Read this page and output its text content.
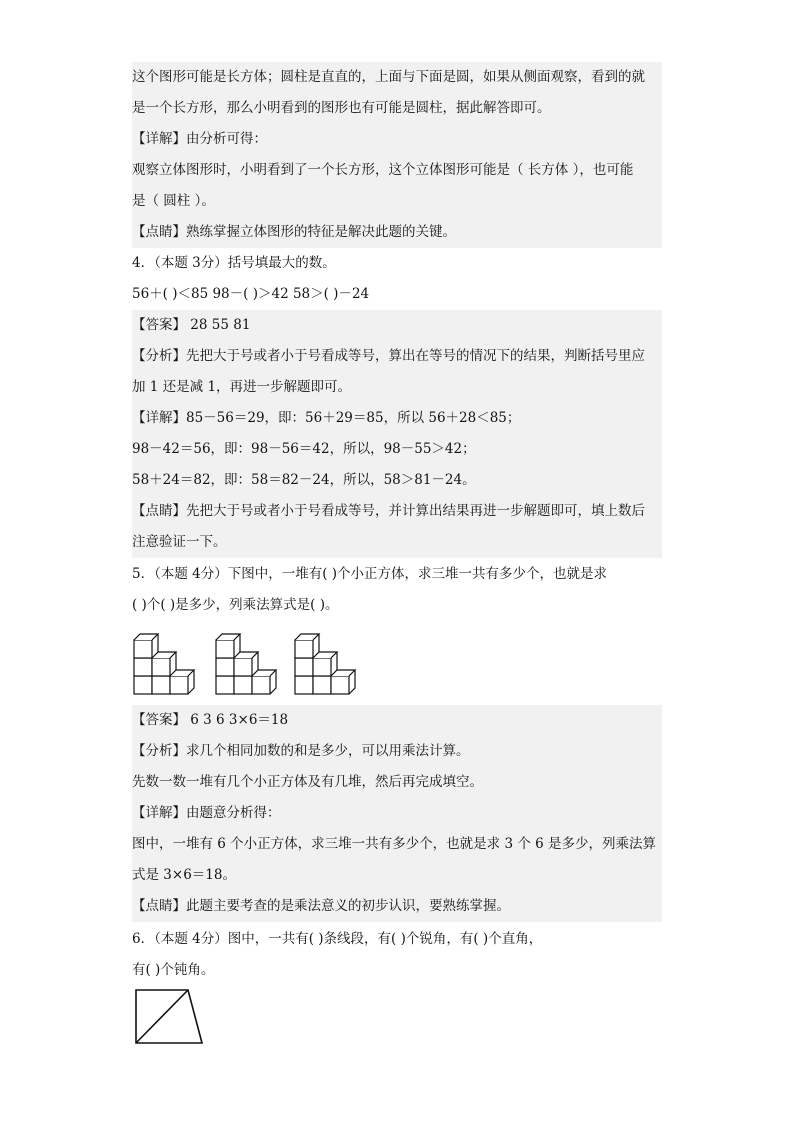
这个图形可能是长方体；圆柱是直直的，上面与下面是圆，如果从侧面观察，看到的就
是一个长方形，那么小明看到的图形也有可能是圆柱，据此解答即可。
【详解】由分析可得：
观察立体图形时，小明看到了一个长方形，这个立体图形可能是（ 长方体 ），也可能
是（ 圆柱 ）。
【点睛】熟练掌握立体图形的特征是解决此题的关键。
4．（本题 3分）括号填最大的数。
56＋( )＜85 98－( )＞42 58＞( )－24
【答案】 28 55 81
【分析】先把大于号或者小于号看成等号，算出在等号的情况下的结果，判断括号里应
加 1 还是减 1，再进一步解题即可。
【详解】85－56＝29，即：56＋29＝85，所以 56＋28＜85；
98－42＝56，即：98－56＝42，所以，98－55＞42；
58＋24＝82，即：58＝82－24，所以，58＞81－24。
【点睛】先把大于号或者小于号看成等号，并计算出结果再进一步解题即可，填上数后
注意验证一下。
5．（本题 4分）下图中，一堆有( )个小正方体，求三堆一共有多少个，也就是求
( )个( )是多少，列乘法算式是( )。
【答案】 6 3 6 3×6＝18
【分析】求几个相同加数的和是多少，可以用乘法计算。
先数一数一堆有几个小正方体及有几堆，然后再完成填空。
【详解】由题意分析得：
图中，一堆有 6 个小正方体，求三堆一共有多少个，也就是求 3 个 6 是多少，列乘法算
式是 3×6＝18。
【点睛】此题主要考查的是乘法意义的初步认识，要熟练掌握。
6．（本题 4分）图中，一共有( )条线段，有( )个锐角，有( )个直角，
有( )个钝角。
